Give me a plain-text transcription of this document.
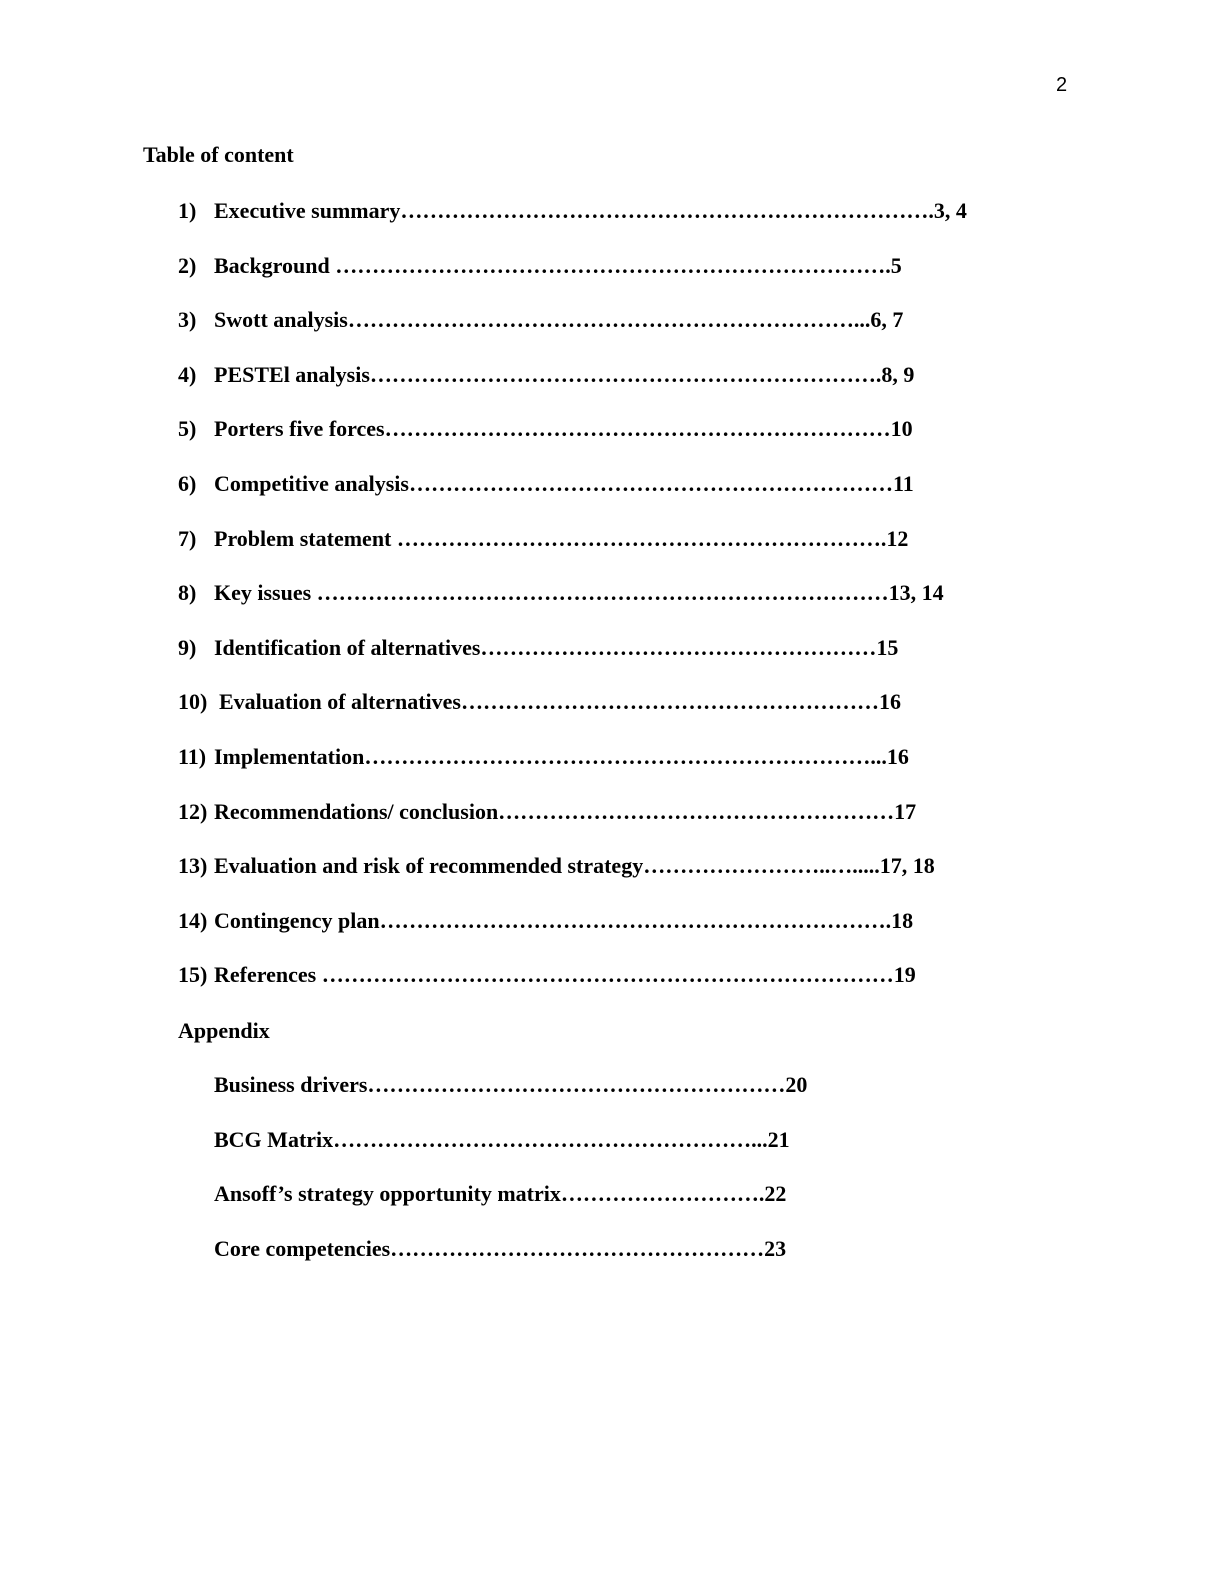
2
Table of content
1) Executive summary……………………………………………………………….3, 4
2) Background ………………………………………………………………….5
3) Swott analysis……………………………………………………………...6, 7
4) PESTEl analysis…………………………………………………………….8, 9
5) Porters five forces……………………………………………………………10
6) Competitive analysis…………………………………………………………11
7) Problem statement ………………………………………………………….12
8) Key issues ……………………………………………………………………13, 14
9) Identification of alternatives………………………………………………15
10) Evaluation of alternatives…………………………………………………16
11) Implementation……………………………………………………………...16
12) Recommendations/ conclusion………………………………………………17
13) Evaluation and risk of recommended strategy……………………..….....17, 18
14) Contingency plan…………………………………………………………….18
15) References ……………………………………………………………………19
Appendix
Business drivers…………………………………………………20
BCG Matrix…………………………………………………...21
Ansoff’s strategy opportunity matrix……………………….22
Core competencies……………………………………………23
